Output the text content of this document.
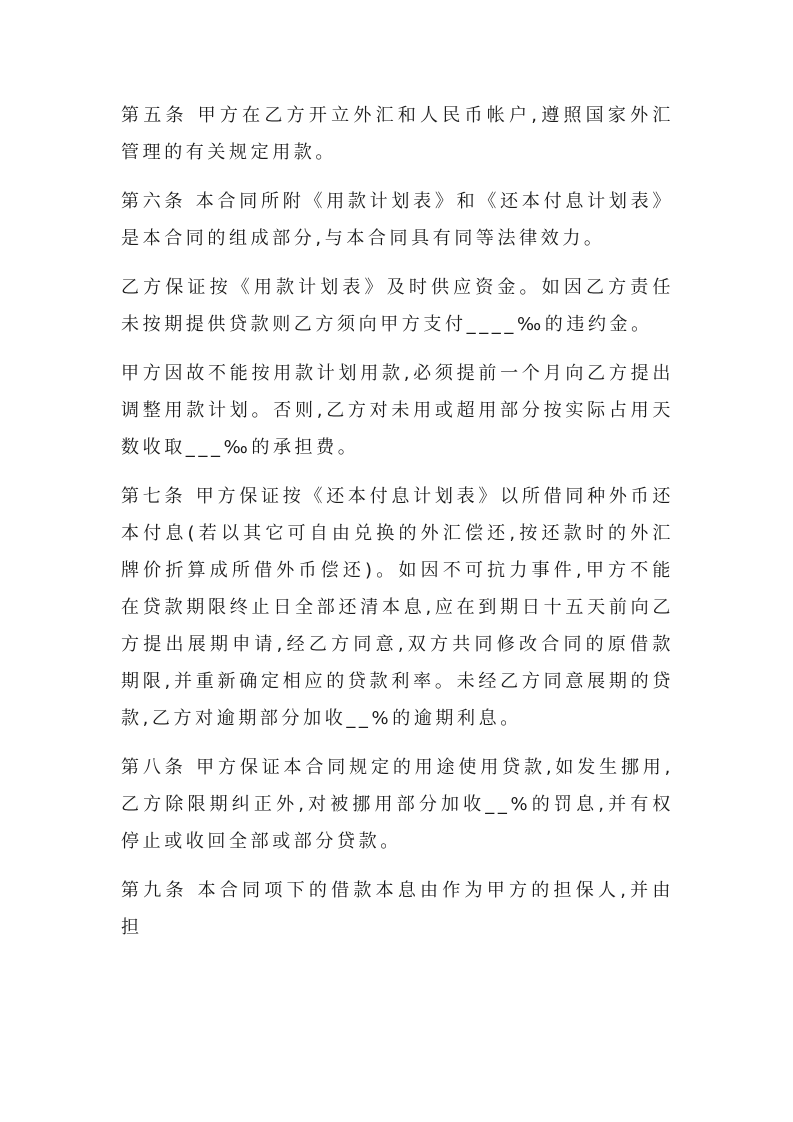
第五条 甲方在乙方开立外汇和人民币帐户,遵照国家外汇管理的有关规定用款。

第六条 本合同所附《用款计划表》和《还本付息计划表》是本合同的组成部分,与本合同具有同等法律效力。

乙方保证按《用款计划表》及时供应资金。如因乙方责任未按期提供贷款则乙方须向甲方支付____‰的违约金。

甲方因故不能按用款计划用款,必须提前一个月向乙方提出调整用款计划。否则,乙方对未用或超用部分按实际占用天数收取___‰的承担费。

第七条 甲方保证按《还本付息计划表》以所借同种外币还本付息(若以其它可自由兑换的外汇偿还,按还款时的外汇牌价折算成所借外币偿还)。如因不可抗力事件,甲方不能在贷款期限终止日全部还清本息,应在到期日十五天前向乙方提出展期申请,经乙方同意,双方共同修改合同的原借款期限,并重新确定相应的贷款利率。未经乙方同意展期的贷款,乙方对逾期部分加收__%的逾期利息。

第八条 甲方保证本合同规定的用途使用贷款,如发生挪用,乙方除限期纠正外,对被挪用部分加收__%的罚息,并有权停止或收回全部或部分贷款。

第九条 本合同项下的借款本息由作为甲方的担保人,并由担
